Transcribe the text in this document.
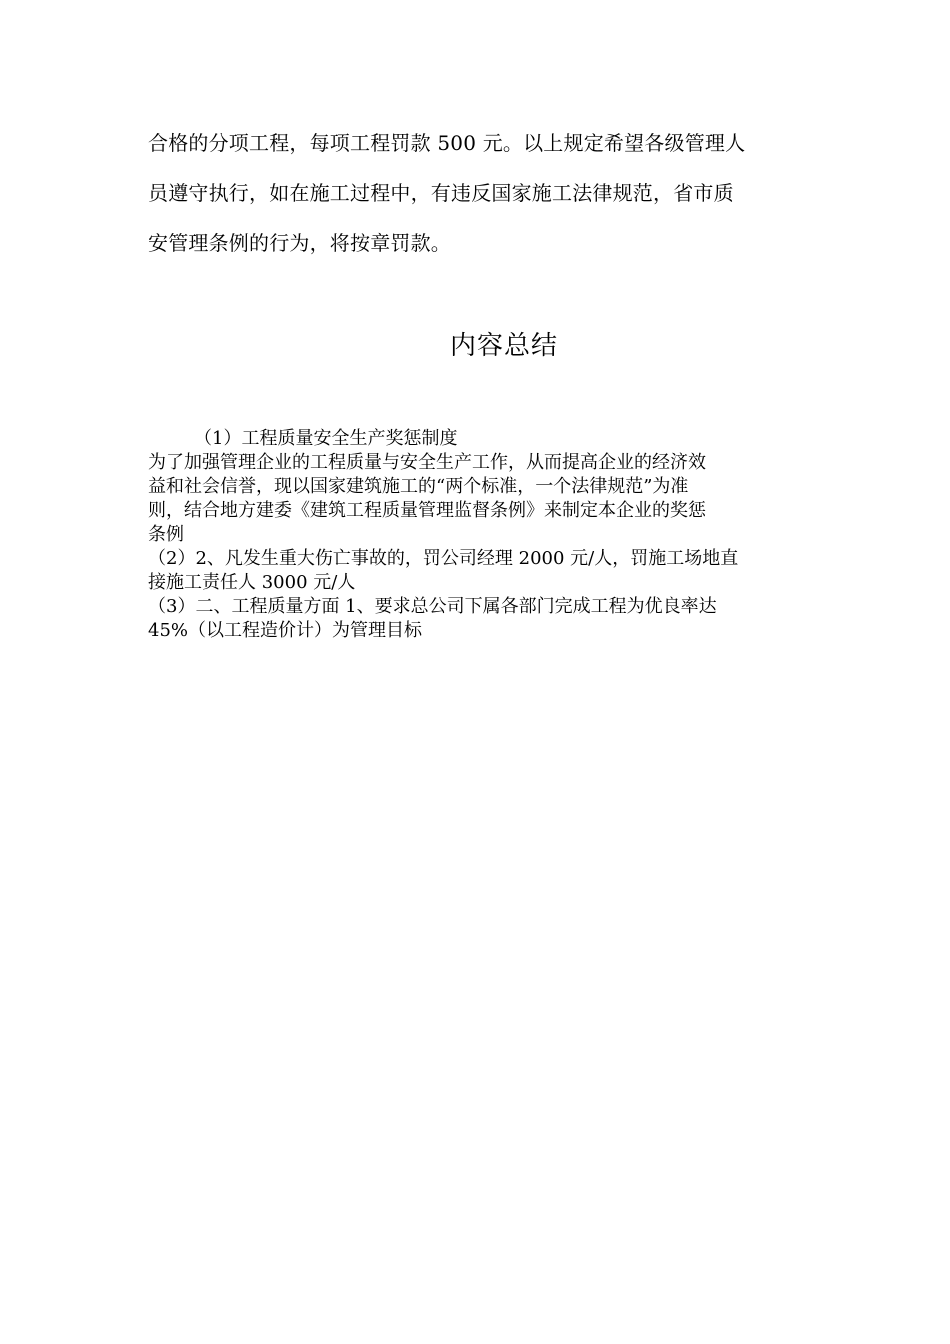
合格的分项工程，每项工程罚款 500 元。以上规定希望各级管理人
员遵守执行，如在施工过程中，有违反国家施工法律规范，省市质
安管理条例的行为，将按章罚款。
内容总结
（1）工程质量安全生产奖惩制度
为了加强管理企业的工程质量与安全生产工作，从而提高企业的经济效
益和社会信誉，现以国家建筑施工的“两个标准，一个法律规范”为准
则，结合地方建委《建筑工程质量管理监督条例》来制定本企业的奖惩
条例
（2）2、凡发生重大伤亡事故的，罚公司经理 2000 元/人，罚施工场地直
接施工责任人 3000 元/人
（3）二、工程质量方面 1、要求总公司下属各部门完成工程为优良率达
45%（以工程造价计）为管理目标
